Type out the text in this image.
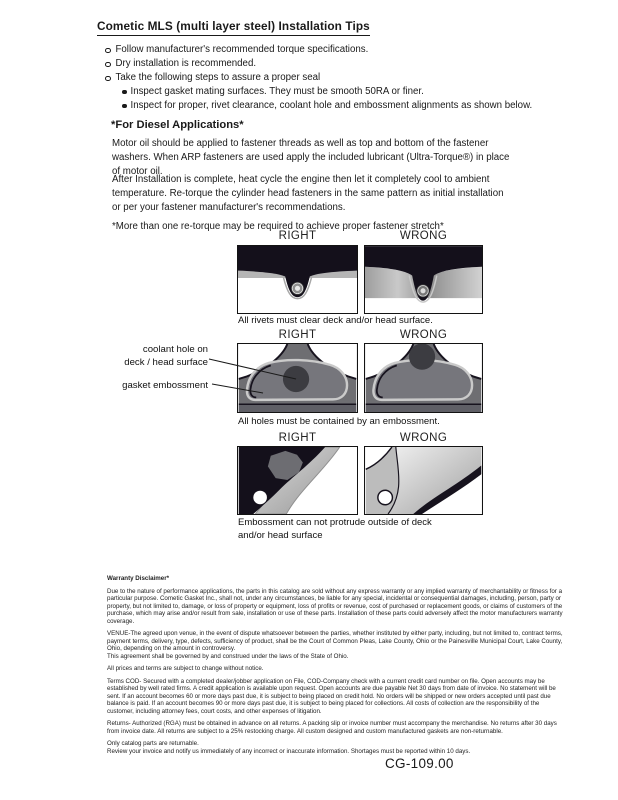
Cometic MLS (multi layer steel) Installation Tips
Follow manufacturer's recommended torque specifications.
Dry installation is recommended.
Take the following steps to assure a proper seal
Inspect gasket mating surfaces. They must be smooth 50RA or finer.
Inspect for proper, rivet clearance, coolant hole and embossment alignments as shown below.
*For Diesel Applications*
Motor oil should be applied to fastener threads as well as top and bottom of the fastener washers. When ARP fasteners are used apply the included lubricant (Ultra-Torque®) in place of motor oil.
After Installation is complete, heat cycle the engine then let it completely cool to ambient temperature. Re-torque the cylinder head fasteners in the same pattern as initial installation or per your fastener manufacturer's recommendations.
*More than one re-torque may be required to achieve proper fastener stretch*
RIGHT	WRONG
All rivets must clear deck and/or head surface.
RIGHT	WRONG
coolant hole on
deck / head surface
gasket embossment
All holes must be contained by an embossment.
RIGHT	WRONG
Embossment can not protrude outside of deck
and/or head surface

Warranty Disclaimer*

Due to the nature of performance applications, the parts in this catalog are sold without any express warranty or any implied warranty of merchantability or fitness for a particular purpose. Cometic Gasket Inc., shall not, under any circumstances, be liable for any special, incidental or consequential damages, including, person, party or property, but not limited to, damage, or loss of property or equipment, loss of profits or revenue, cost of purchased or replacement goods, or claims of customers of the purchase, which may arise and/or result from sale, installation or use of these parts. Installation of these parts could adversely affect the motor manufacturers warranty coverage.

VENUE-The agreed upon venue, in the event of dispute whatsoever between the parties, whether instituted by either party, including, but not limited to, contract terms, payment terms, delivery, type, defects, sufficiency of product, shall be the Court of Common Pleas, Lake County, Ohio or the Painesville Municipal Court, Lake County, Ohio, depending on the amount in controversy.

This agreement shall be governed by and construed under the laws of the State of Ohio.

All prices and terms are subject to change without notice.

Terms COD- Secured with a completed dealer/jobber application on File, COD-Company check with a current credit card number on file. Open accounts may be established by well rated firms. A credit application is available upon request. Open accounts are due payable Net 30 days from date of invoice. No statement will be sent. If an account becomes 60 or more days past due, it is subject to being placed on credit hold. No orders will be shipped or new orders accepted until past due balance is paid. If an account becomes 90 or more days past due, it is subject to being placed for collections. All costs of collection are the responsibility of the customer, including attorney fees, court costs, and other expenses of litigation.

Returns- Authorized (RGA) must be obtained in advance on all returns. A packing slip or invoice number must accompany the merchandise. No returns after 30 days from invoice date. All returns are subject to a 25% restocking charge. All custom designed and custom manufactured gaskets are non-returnable.

Only catalog parts are returnable.

Review your invoice and notify us immediately of any incorrect or inaccurate information. Shortages must be reported within 10 days.

CG-109.00
